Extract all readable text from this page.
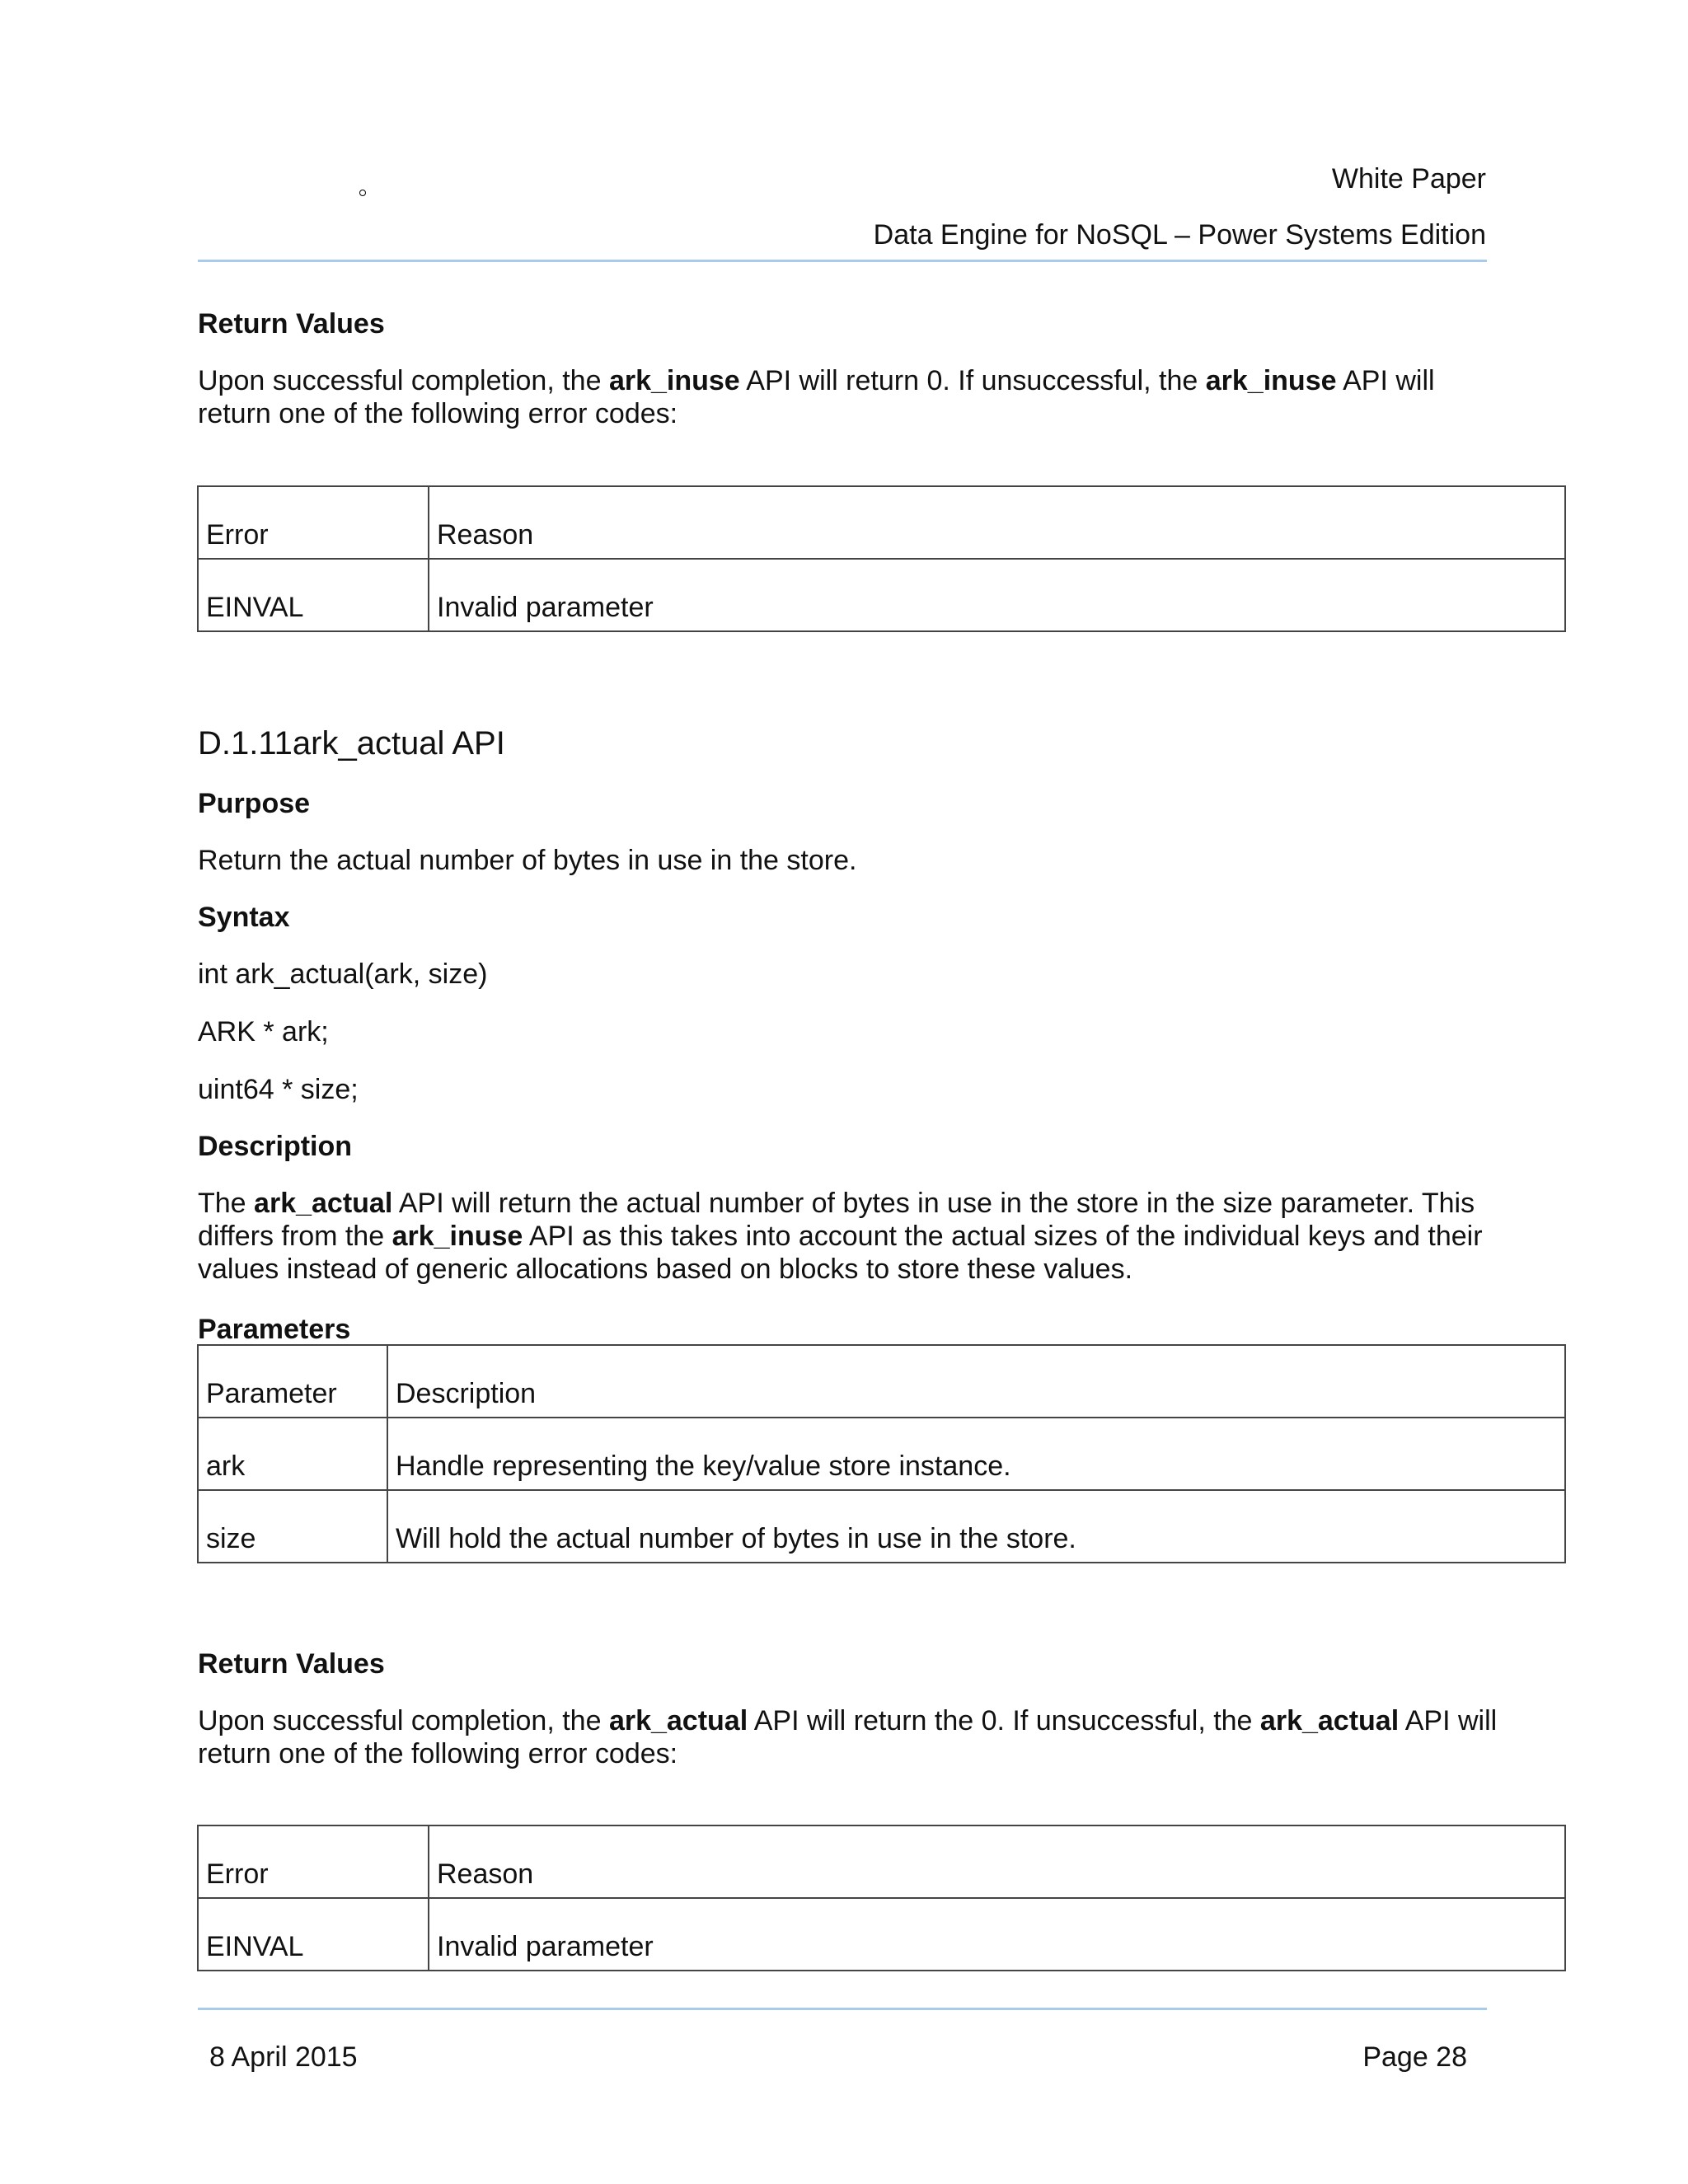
White Paper

Data Engine for NoSQL – Power Systems Edition

Return Values

Upon successful completion, the ark_inuse API will return 0. If unsuccessful, the ark_inuse API will return one of the following error codes:

Error	Reason
EINVAL	Invalid parameter
D.1.11ark_actual API
Purpose

Return the actual number of bytes in use in the store.

Syntax

int ark_actual(ark, size)

ARK * ark;

uint64 * size;

Description

The ark_actual API will return the actual number of bytes in use in the store in the size parameter. This differs from the ark_inuse API as this takes into account the actual sizes of the individual keys and their values instead of generic allocations based on blocks to store these values.

Parameters
Parameter	Description
ark	Handle representing the key/value store instance.
size	Will hold the actual number of bytes in use in the store.
Return Values

Upon successful completion, the ark_actual API will return the 0. If unsuccessful, the ark_actual API will return one of the following error codes:

Error	Reason
EINVAL	Invalid parameter

8 April 2015	Page 28
